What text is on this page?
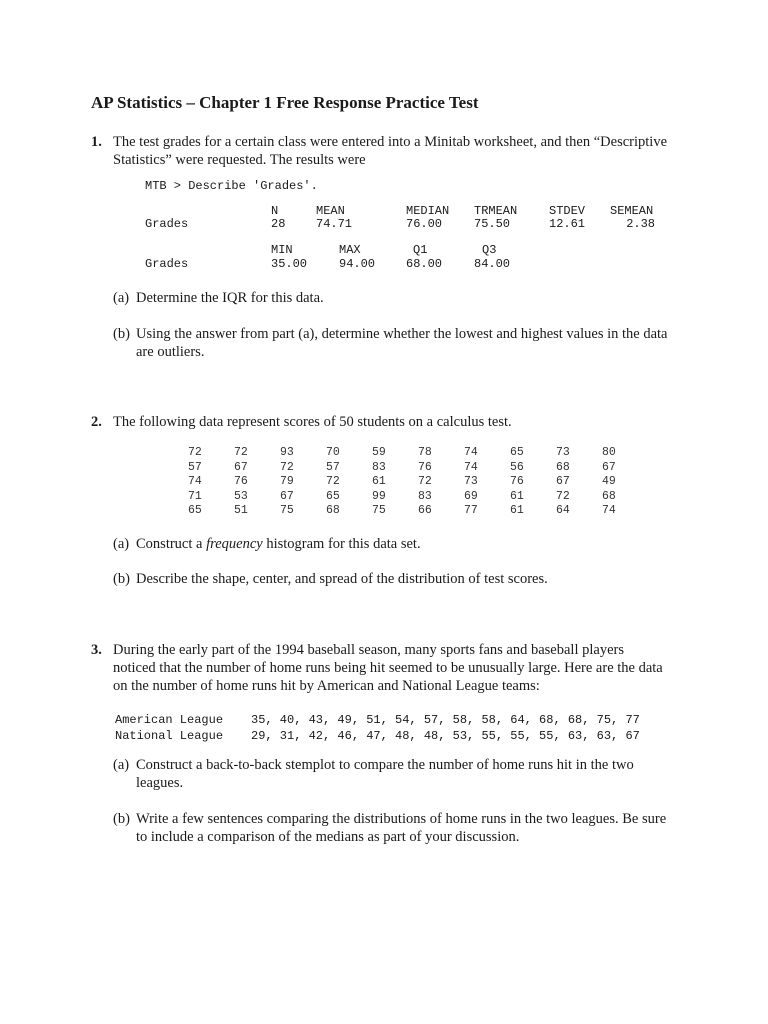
AP Statistics – Chapter 1 Free Response Practice Test
1. The test grades for a certain class were entered into a Minitab worksheet, and then “Descriptive Statistics” were requested. The results were
MTB > Describe 'Grades'.
N	MEAN	MEDIAN TRMEAN	STDEV SEMEAN
Grades	28	74.71	76.00	75.50	12.61	2.38
MIN	MAX	Q1	Q3
Grades	35.00	94.00	68.00	84.00
(a) Determine the IQR for this data.
(b) Using the answer from part (a), determine whether the lowest and highest values in the data are outliers.
2. The following data represent scores of 50 students on a calculus test.
72	72	93	70	59	78	74	65	73	80
57	67	72	57	83	76	74	56	68	67
74	76	79	72	61	72	73	76	67	49
71	53	67	65	99	83	69	61	72	68
65	51	75	68	75	66	77	61	64	74
(a) Construct a frequency histogram for this data set.
(b) Describe the shape, center, and spread of the distribution of test scores.
3. During the early part of the 1994 baseball season, many sports fans and baseball players noticed that the number of home runs being hit seemed to be unusually large. Here are the data on the number of home runs hit by American and National League teams:
American League	35, 40, 43, 49, 51, 54, 57, 58, 58, 64, 68, 68, 75, 77
National League	29, 31, 42, 46, 47, 48, 48, 53, 55, 55, 55, 63, 63, 67
(a) Construct a back-to-back stemplot to compare the number of home runs hit in the two leagues.
(b) Write a few sentences comparing the distributions of home runs in the two leagues. Be sure to include a comparison of the medians as part of your discussion.
